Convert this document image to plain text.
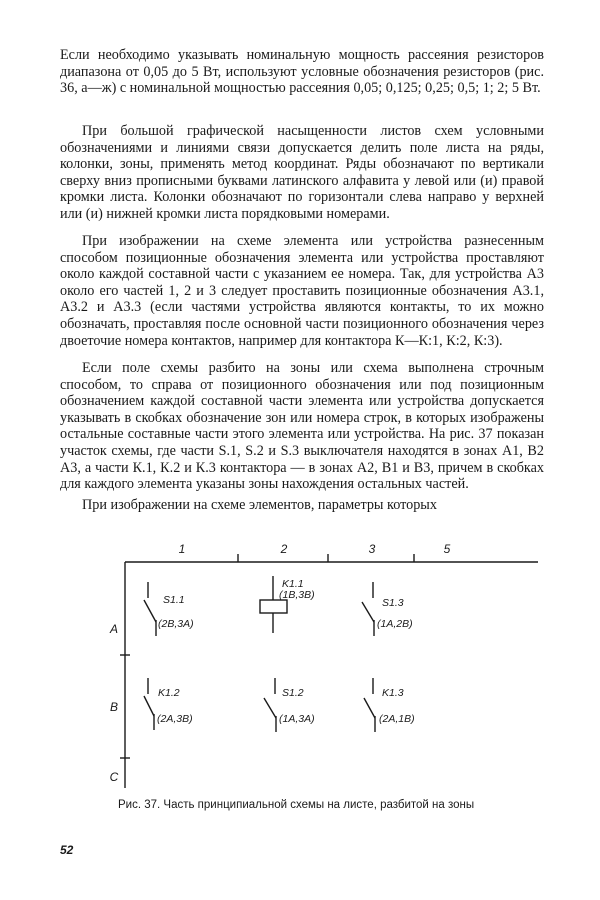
Если необходимо указывать номинальную мощность рассеяния резисторов диапазона от 0,05 до 5 Вт, используют условные обозначения резисторов (рис. 36, а—ж) с номинальной мощностью рассеяния 0,05; 0,125; 0,25; 0,5; 1; 2; 5 Вт.

При большой графической насыщенности листов схем условными обозначениями и линиями связи допускается делить поле листа на ряды, колонки, зоны, применять метод координат. Ряды обозначают по вертикали сверху вниз прописными буквами латинского алфавита у левой или (и) правой кромки листа. Колонки обозначают по горизонтали слева направо у верхней или (и) нижней кромки листа порядковыми номерами.

При изображении на схеме элемента или устройства разнесенным способом позиционные обозначения элемента или устройства проставляют около каждой составной части с указанием ее номера. Так, для устройства А3 около его частей 1, 2 и 3 следует проставить позиционные обозначения А3.1, А3.2 и А3.3 (если частями устройства являются контакты, то их можно обозначать, проставляя после основной части позиционного обозначения через двоеточие номера контактов, например для контактора К—К:1, К:2, К:3).

Если поле схемы разбито на зоны или схема выполнена строчным способом, то справа от позиционного обозначения или под позиционным обозначением каждой составной части элемента или устройства допускается указывать в скобках обозначение зон или номера строк, в которых изображены остальные составные части этого элемента или устройства. На рис. 37 показан участок схемы, где части S.1, S.2 и S.3 выключателя находятся в зонах А1, В2 А3, а части К.1, К.2 и К.3 контактора — в зонах А2, В1 и В3, причем в скобках для каждого элемента указаны зоны нахождения остальных частей.

При изображении на схеме элементов, параметры которых

1	2	3	5
A
B
C
S1.1
(2B,3A)
K1.1
(1B,3B)
S1.3
(1A,2B)
K1.2
(2A,3B)
S1.2
(1A,3A)
K1.3
(2A,1B)

Рис. 37. Часть принципиальной схемы на листе, разбитой на зоны

52
